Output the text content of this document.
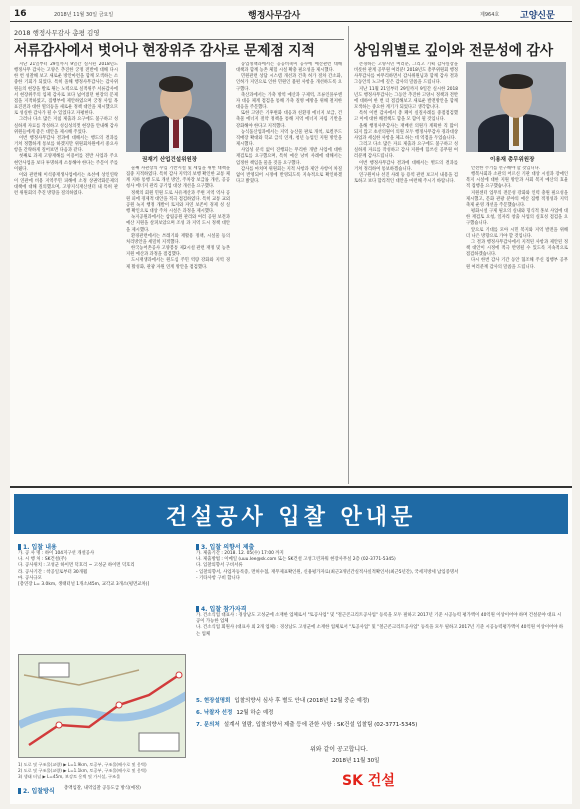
16	2018년 11월 30일 금요일	행정사무감사	제964호 고양신문
2018 행정사무감사 총평 김영
서류감사에서 벗어나 현장위주 감사로 문제점 지적	상임위별로 깊이와 전문성에 감사

지난 21일부터 29일까지 9일간 실시된 2018년도 행정사무 감사는 고양은 추진한 궁정 전반에 대해 다시 한 번 성찰해 보고 새로운 방안마련을 함께 모색하는 소중한 기회가 되었다. 특히 올해 행정사무감사는 감사위원들의 현장을 발로 뛰는 노력으로 실적위주 서류감사에서 현장위주의 입체 감사로 보다 넓어졌던 현장의 문제점을 지적하였고, 집행부에 제안하였으며 궁정 사업 목표진전과 대한 열의등을 새로운 정책 대안을 제시했으므로 성실한 감사가 될 수 있었다고 자평한다.

그러나 다소 많은 지침 제출과 요구에도 불구하고 성실하게 자료를 작성하고 성심성의껏 현장을 안내해 감사위원들에게 좋은 대안을 제시해 주었다.

이번 행정사무감사 결과에 대해서는 행도의 결과를 거쳐 정했하게 통보를 하겠지만 위원회차원에서 중요사항을 간략하게 짚어보면 다음과 같다.

첫째로 과제 고양재해를 이용어를 전반 사업과 주요현안사업을 보다 투명하게 소통해야 한다는 주문이 주를 이뤘다.

이와 관련해 이석중재생사업에서는 초선에 상인연락이 연관에 비용 지역주민 피해에 소정 상권약화문제의 대책에 대해 질의했으며, 고양지식재산센터 내 특허 관련 위원회의 추진 방향을 질의하였다.

권재기 산업건설위원장

둘째 자관장의 수입 기반시설 및 세입을 위한 대책을 집중 지적하였다. 특히 감사 지역의 보행 확인한 교통 체계 지하 통행 도로 개선 방안, 주차장 보급률 개선, 공공청사 에너지 관리 공기업 대상 개선을 요구했다.

정책의 회원 민원 도로 사유재산과 주변 지역 역사 공원 피에 경제적 대안을 적극 점검하였다. 특히 교통 교외 공원 녹지 행정 개발이 토지와 자연 보존이 경제 성 실 행 확인으로 대상 주차 시설은 과정을 제시했다.

녹지공원과에서는 삼림공원 관리와 여러 공원 보전과 예산 지원을 살펴보았으며 조성 과 지역 도시 정책 대안을 제시했다.

환경관련에서는 쓰레기와 재활용 정책, 시설물 등의 처리방안을 세밀히 지적했다.

한국농어촌공사 고양봉통 제2시설 관련 재정 및 농촌 지원 예산과 과정을 점검했다.

도시재생과에서는 원도심 주민 역량 강화와 지역 경제 활성화, 관광 자원 연계 방안을 점검했다.

농업정책과에서는 공공비축미 공수에 예산관련 대해 대책과 함께 농촌 체험 시설 확충 필요성을 제시했다.

민원관련 상담 시스템 개선과 건축 허가 절차 간소화, 인허가 지연으로 인한 민원인 불편 사항을 개선하도록 요구했다.

축산과에서는 가축 방역 예산과 구제역, 조류인플루엔자 대응 체계 점검을 통해 가축 질병 예방을 위해 철저한 대응을 주문했다.

또한 고양은 기후변화 대응과 친환경 에너지 보급, 건축물 에너지 절약 정책을 통해 지역 에너지 자립 기반을 강화해야 한다고 지적했다.

농식품산업과에서는 지역 농산물 판로 개척, 로컬푸드 직매장 확대와 학교 급식 연계, 청년 농업인 지원 방안을 제시했다.

사업성 분석 없이 진행되는 무리한 개발 사업에 대한 재검토를 요구했으며, 특히 예산 낭비 사례에 대해서는 엄정한 책임을 물을 것을 요구했다.

감사를 마치며 위원회는 지적 사항과 제안 사항이 차질 없이 반영되어 시정에 반영되도록 지속적으로 확인하겠다고 밝혔다.

존경하는 고양시민 여러분, 그리고 기획 감사실장을 비롯한 관계 공무원 여러분! 2018년도 총무위원회 행정사무감사를 마무리하면서 감사위원님과 함께 감사 결과 그동안의 노고에 깊은 감사의 말씀을 드립니다.

지난 11월 21일부터 29일까지 9일간 실시한 2018년도 행정사무감사는 그동안 추진한 고양시 정책과 전반에 대하여 한 번 더 점검해보고 새로운 발전방안을 함께 모색하는 중요한 계기가 되었다고 생각합니다.

특히 이번 감사에서 총 페이 실질사례를 중점점검했고 이에 대한 해결책도 함을 모 함이 될 것입니다.

올해 행정사무감사는 재배선 의원가 계획한 직 많이 되지 않고 초선의원이 의원 모두 행정사무감사 경과대상 사업과 세심한 사항을 체크 하는 데 역점을 두었습니다.

그리고 다소 많은 자료 제출과 요구에도 불구하고 성실하게 자료를 작성하고 감사 지원에 힘쓰신 공무원 여러분께 감사드립니다.

이번 행정사무감사 결과에 대해서는 별도의 결과를 거쳐 정리하여 통보하겠습니다.

연구원이나 선진 사례 등 용역 관련 보고서 내용을 검토하고 보다 합리적인 대안을 마련해 주시기 바랍니다.

이용재 총무위원장

안전한 주거를 선구해야 할 것입니다.

행복사회과 소관의 어르신 기관 대상 시설과 장애인 복지 시설에 대한 지원 방안과 사회 복지 예산의 효율적 집행을 요구했습니다.

지원센터 업무의 전문성 강화와 인력 충원 필요성을 제시했고, 문화 관광 분야의 예산 집행 적정성과 지역 축제 운영 개선을 주문했습니다.

평화시설 구제 필요의 실내와 형식적 홍보 사업에 대한 재검토 요청, 일자리 창출 사업의 실효성 점검을 요구했습니다.

앞으로 기대를 모아 시민 복지와 지역 발전을 위해 더 나은 방향으로 가야 할 것입니다.

그 결과 행정사무감사에서 지적된 사항과 제안된 정책 대안이 시정에 적극 반영될 수 있도록 지속적으로 점검하겠습니다.

다시 한번 감사 기간 동안 협조해 주신 집행부 공무원 여러분께 감사의 말씀을 드립니다.

건설공사 입찰 안내문
1. 입찰 내용
가. 공 사 명 : 하이 104지구선 개설공사
나. 시 행 처 : SK건설(주)
다. 공사위치 : 고성군 하이면 덕호리 ~ 고성군 하이면 덕호리
라. 공사기간 : 착공일로부터 30개월
마. 공사규모
[총연장 L= 3.0km, 생태터널 1개소/45m, 교각교 3개소(평면교차)]
1) 도로 및 구조물(교량) ▶ L=1.9km, 토공부, 구조물(배수로 및 옹벽)
2) 도로 및 구조물(교량) ▶ L=1.1km, 토공부, 구조물(배수로 및 옹벽)
3) 생태 터널 ▶ L=45m, 보강토 옹벽 및 가시설, 구조물
2. 입찰방식 총액입찰, 내역입찰 공동도급 방식(예정)
3. 입찰 의향서 제출
가. 제출기간 : 2018. 12. 05(수) 17:00 까지
나. 제출방법 : 이메일 (uuu.lee@sk.com 또는 SK건설 고성그린파워 현장사무실 2층 (02-3771-5345)
다. 입찰의향서 구비서류
- 입찰의향서, 사업자등록증, 면허수첩, 재무제표확인원, 신용평가자료(최근3개년간실적사실적확인서(최근5년간), 국세지방세 납입증명서
- 기타사항 구비 합니다
4. 입찰 참가자격
가. 건소식업 대표사 : 경상남도 고성군에 소재한 업체로서 "토공사업" 및 "철근콘크리트공사업" 등록을 모두 필하고 2017년 기준 시공능력 평가액이 40억원 이상이어야 하며 건설분야 대표 시공이 가능한 업체
나. 건소식업 회원사 (대표사 외 2개 업체) : 경상남도 고성군에 소재한 업체로서 "토공사업" 및 "철근콘크리트공사업" 등록을 모두 필하고 2017년 기준 시공능력평가액이 40억원 이상이어야 하는 업체
5. 현장설명회 입찰의향서 심사 후 별도 안내 (2018년 12월 중순 예정)
6. 낙찰자 선정 12월 하순 예정
7. 문의처 설계서 열람, 입찰의향서 제출 등에 관한 사항 : SK건설 입찰팀 (02-3771-5345)
위와 같이 공고합니다.
2018년 11월 30일
SK 건설
